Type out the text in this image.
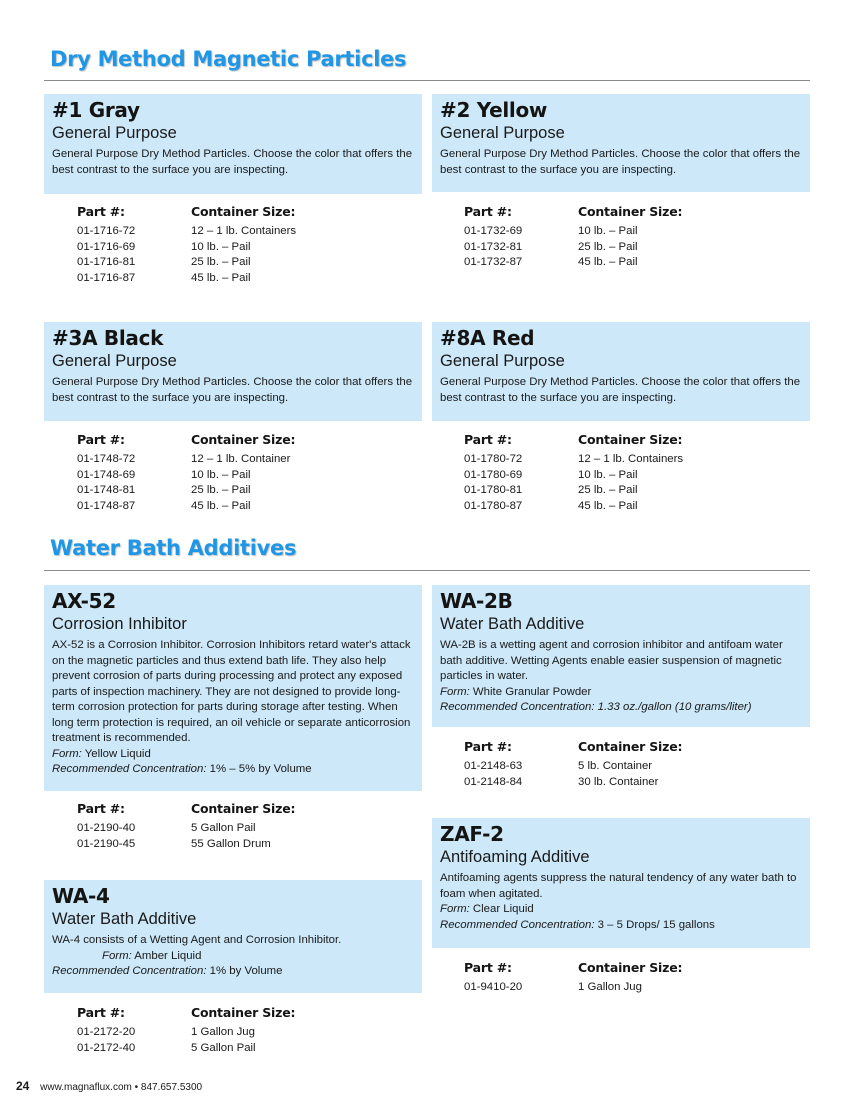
Dry Method Magnetic Particles
#1 Gray
General Purpose
General Purpose Dry Method Particles. Choose the color that offers the best contrast to the surface you are inspecting.
Part #:	Container Size:
01-1716-72	12 – 1 lb. Containers
01-1716-69	10 lb. – Pail
01-1716-81	25 lb. – Pail
01-1716-87	45 lb. – Pail
#2 Yellow
General Purpose
General Purpose Dry Method Particles. Choose the color that offers the best contrast to the surface you are inspecting.
Part #:	Container Size:
01-1732-69	10 lb. – Pail
01-1732-81	25 lb. – Pail
01-1732-87	45 lb. – Pail
#3A Black
General Purpose
General Purpose Dry Method Particles. Choose the color that offers the best contrast to the surface you are inspecting.
Part #:	Container Size:
01-1748-72	12 – 1 lb. Container
01-1748-69	10 lb. – Pail
01-1748-81	25 lb. – Pail
01-1748-87	45 lb. – Pail
#8A Red
General Purpose
General Purpose Dry Method Particles. Choose the color that offers the best contrast to the surface you are inspecting.
Part #:	Container Size:
01-1780-72	12 – 1 lb. Containers
01-1780-69	10 lb. – Pail
01-1780-81	25 lb. – Pail
01-1780-87	45 lb. – Pail
Water Bath Additives
AX-52
Corrosion Inhibitor
AX-52 is a Corrosion Inhibitor. Corrosion Inhibitors retard water's attack on the magnetic particles and thus extend bath life. They also help prevent corrosion of parts during processing and protect any exposed parts of inspection machinery. They are not designed to provide long-term corrosion protection for parts during storage after testing. When long term protection is required, an oil vehicle or separate anticorrosion treatment is recommended.
Form: Yellow Liquid
Recommended Concentration: 1% – 5% by Volume
Part #:	Container Size:
01-2190-40	5 Gallon Pail
01-2190-45	55 Gallon Drum
WA-2B
Water Bath Additive
WA-2B is a wetting agent and corrosion inhibitor and antifoam water bath additive. Wetting Agents enable easier suspension of magnetic particles in water.
Form: White Granular Powder
Recommended Concentration: 1.33 oz./gallon (10 grams/liter)
Part #:	Container Size:
01-2148-63	5 lb. Container
01-2148-84	30 lb. Container
ZAF-2
Antifoaming Additive
Antifoaming agents suppress the natural tendency of any water bath to foam when agitated.
Form: Clear Liquid
Recommended Concentration: 3 – 5 Drops/ 15 gallons
Part #:	Container Size:
01-9410-20	1 Gallon Jug
WA-4
Water Bath Additive
WA-4 consists of a Wetting Agent and Corrosion Inhibitor.
Form: Amber Liquid
Recommended Concentration: 1% by Volume
Part #:	Container Size:
01-2172-20	1 Gallon Jug
01-2172-40	5 Gallon Pail
24 www.magnaflux.com • 847.657.5300
